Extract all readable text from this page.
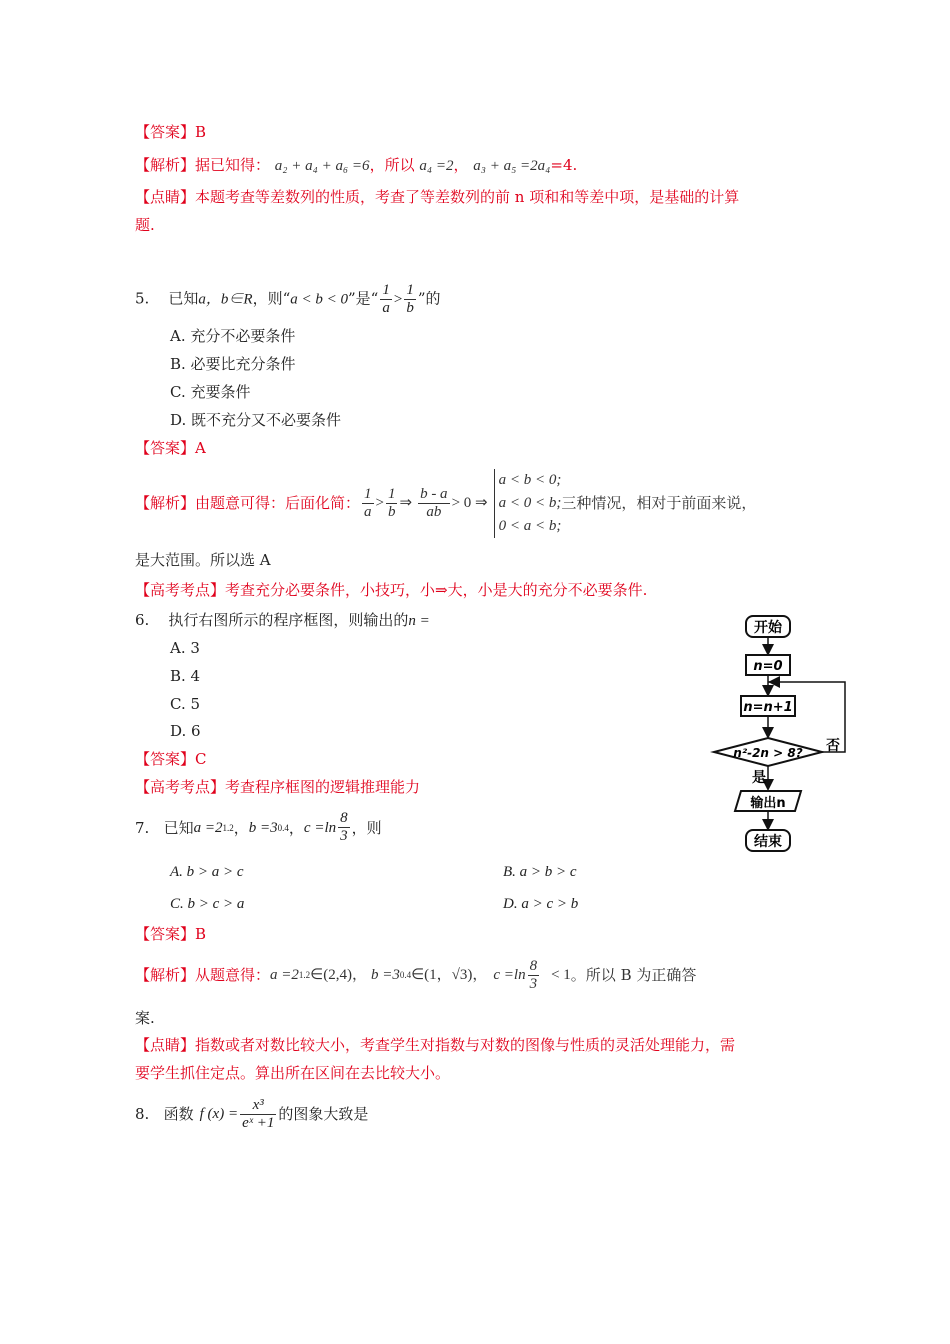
【答案】B
【解析】据已知得： a₂ + a₄ + a₆ =6，所以 a₄ =2， a₃ + a₅ =2a₄=4.
【点睛】本题考查等差数列的性质，考查了等差数列的前 n 项和和等差中项，是基础的计算
题.
5. 已知a，b∈R，则“a < b < 0”是“ $\frac{1}{a} > \frac{1}{b}$ ”的
A. 充分不必要条件
B. 必要比充分条件
C. 充要条件
D. 既不充分又不必要条件
【答案】A
【解析】由题意可得：后面化简： $\frac{1}{a} > \frac{1}{b}$ ⇒ $\frac{b - a}{ab} > 0$ ⇒
a < b < 0;
a < 0 < b;
0 < a < b;
三种情况，相对于前面来说，
是大范围。所以选 A
【高考考点】考查充分必要条件，小技巧，小⇒大，小是大的充分不必要条件.
6. 执行右图所示的程序框图，则输出的n =
A. 3
B. 4
C. 5
D. 6
【答案】C
【高考考点】考查程序框图的逻辑推理能力
开始
n=0
n=n+1
n²-2n > 8? 否
是
输出n
结束
7.
已知 a =2 1.2 ， b =3 0.4 ， $c =\ln \frac{8}{3}$ ，则
A. b > a > c	B. a > b > c
C. b > c > a	D. a > c > b
【答案】B
【解析】从题意得： a =2 1.2 ∈(2,4)， b =3 0.4 ∈(1，√3)， $c =\ln \frac{8}{3} < 1$ 。所以 B 为正确答
案.
【点睛】指数或者对数比较大小，考查学生对指数与对数的图像与性质的灵活处理能力，需
要学生抓住定点。算出所在区间在去比较大小。
8.
函数 f $(x) = \frac{\text{x³}}{\text{eˣ +1}}$ 的图象大致是
